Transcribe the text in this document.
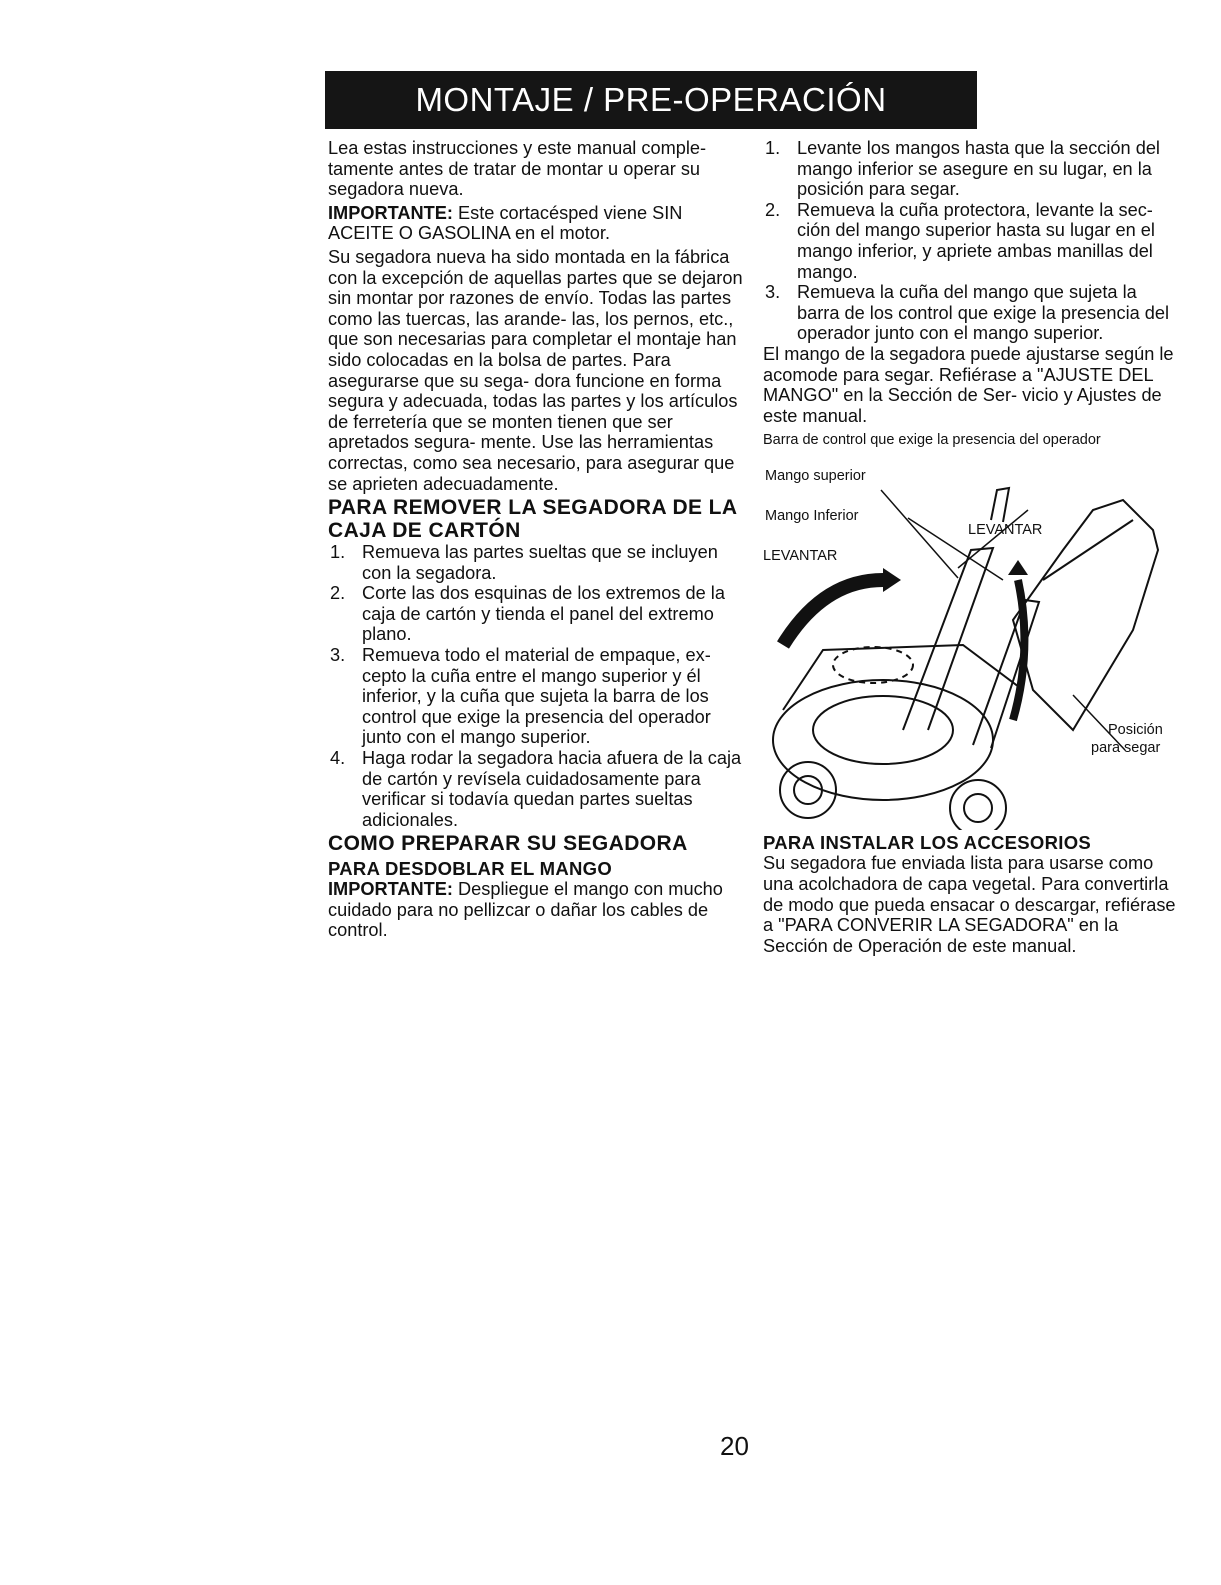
MONTAJE / PRE-OPERACIÓN

Lea estas instrucciones y este manual comple- tamente antes de tratar de montar u operar su segadora nueva.

IMPORTANTE: Este cortacésped viene SIN ACEITE O GASOLINA en el motor.

Su segadora nueva ha sido montada en la fábrica con la excepción de aquellas partes que se dejaron sin montar por razones de envío. Todas las partes como las tuercas, las arande- las, los pernos, etc., que son necesarias para completar el montaje han sido colocadas en la bolsa de partes. Para asegurarse que su sega- dora funcione en forma segura y adecuada, todas las partes y los artículos de ferretería que se monten tienen que ser apretados segura- mente. Use las herramientas correctas, como sea necesario, para asegurar que se aprieten adecuadamente.

PARA REMOVER LA SEGADORA DE LA CAJA DE CARTÓN
1. Remueva las partes sueltas que se incluyen con la segadora.
2. Corte las dos esquinas de los extremos de la caja de cartón y tienda el panel del extremo plano.
3. Remueva todo el material de empaque, ex- cepto la cuña entre el mango superior y él inferior, y la cuña que sujeta la barra de los control que exige la presencia del operador junto con el mango superior.
4. Haga rodar la segadora hacia afuera de la caja de cartón y revísela cuidadosamente para verificar si todavía quedan partes sueltas adicionales.
COMO PREPARAR SU SEGADORA
PARA DESDOBLAR EL MANGO

IMPORTANTE: Despliegue el mango con mucho cuidado para no pellizcar o dañar los cables de control.

1. Levante los mangos hasta que la sección del mango inferior se asegure en su lugar, en la posición para segar.
2. Remueva la cuña protectora, levante la sec- ción del mango superior hasta su lugar en el mango inferior, y apriete ambas manillas del mango.
3. Remueva la cuña del mango que sujeta la barra de los control que exige la presencia del operador junto con el mango superior.

El mango de la segadora puede ajustarse según le acomode para segar. Refiérase a "AJUSTE DEL MANGO" en la Sección de Ser- vicio y Ajustes de este manual.

Barra de control que exige la presencia del operador
Mango superior
Mango Inferior
LEVANTAR
LEVANTAR
Posición
para segar
PARA INSTALAR LOS ACCESORIOS

Su segadora fue enviada lista para usarse como una acolchadora de capa vegetal. Para convertirla de modo que pueda ensacar o descargar, refiérase a "PARA CONVERIR LA SEGADORA" en la Sección de Operación de este manual.

20
